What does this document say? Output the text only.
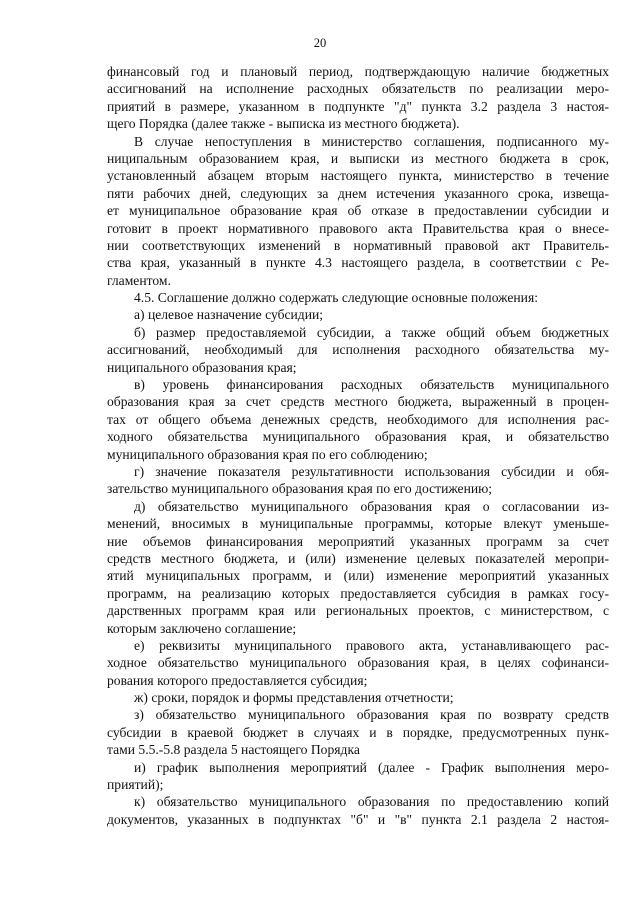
20
финансовый год и плановый период, подтверждающую наличие бюджетных
ассигнований на исполнение расходных обязательств по реализации меро-
приятий в размере, указанном в подпункте "д" пункта 3.2 раздела 3 настоя-
щего Порядка (далее также - выписка из местного бюджета).
В случае непоступления в министерство соглашения, подписанного му-
ниципальным образованием края, и выписки из местного бюджета в срок,
установленный абзацем вторым настоящего пункта, министерство в течение
пяти рабочих дней, следующих за днем истечения указанного срока, извеща-
ет муниципальное образование края об отказе в предоставлении субсидии и
готовит в проект нормативного правового акта Правительства края о внесе-
нии соответствующих изменений в нормативный правовой акт Правитель-
ства края, указанный в пункте 4.3 настоящего раздела, в соответствии с Ре-
гламентом.
4.5. Соглашение должно содержать следующие основные положения:
а) целевое назначение субсидии;
б) размер предоставляемой субсидии, а также общий объем бюджетных
ассигнований, необходимый для исполнения расходного обязательства му-
ниципального образования края;
в) уровень финансирования расходных обязательств муниципального
образования края за счет средств местного бюджета, выраженный в процен-
тах от общего объема денежных средств, необходимого для исполнения рас-
ходного обязательства муниципального образования края, и обязательство
муниципального образования края по его соблюдению;
г) значение показателя результативности использования субсидии и обя-
зательство муниципального образования края по его достижению;
д) обязательство муниципального образования края о согласовании из-
менений, вносимых в муниципальные программы, которые влекут уменьше-
ние объемов финансирования мероприятий указанных программ за счет
средств местного бюджета, и (или) изменение целевых показателей меропри-
ятий муниципальных программ, и (или) изменение мероприятий указанных
программ, на реализацию которых предоставляется субсидия в рамках госу-
дарственных программ края или региональных проектов, с министерством, с
которым заключено соглашение;
е) реквизиты муниципального правового акта, устанавливающего рас-
ходное обязательство муниципального образования края, в целях софинанси-
рования которого предоставляется субсидия;
ж) сроки, порядок и формы представления отчетности;
з) обязательство муниципального образования края по возврату средств
субсидии в краевой бюджет в случаях и в порядке, предусмотренных пунк-
тами 5.5.-5.8 раздела 5 настоящего Порядка
и) график выполнения мероприятий (далее - График выполнения меро-
приятий);
к) обязательство муниципального образования по предоставлению копий
документов, указанных в подпунктах "б" и "в" пункта 2.1 раздела 2 настоя-
